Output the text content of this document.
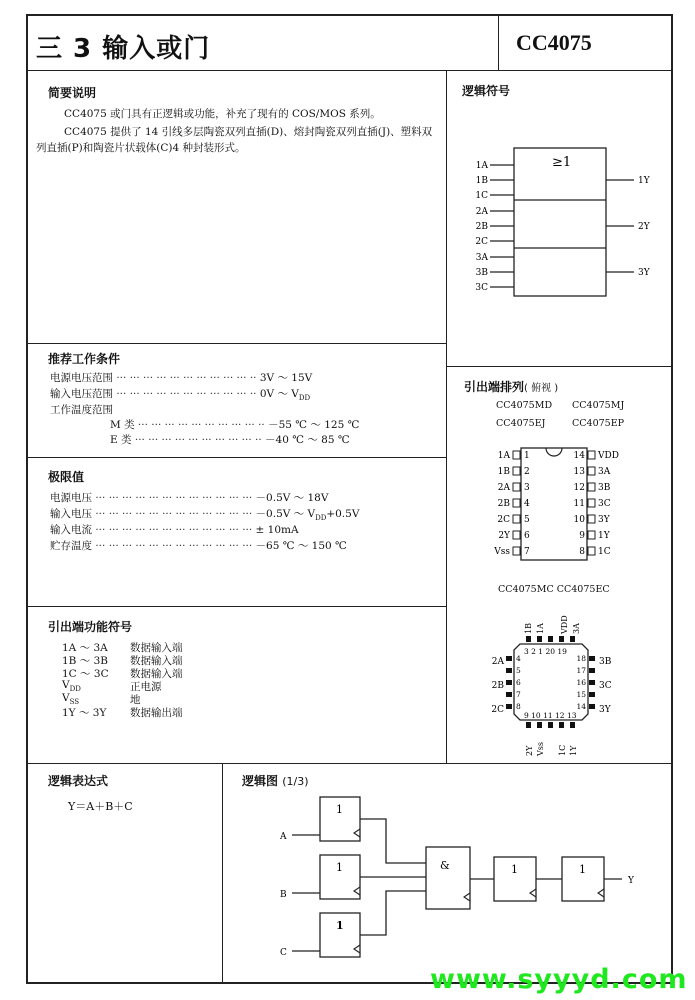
三 3 输入或门	CC4075
简要说明
CC4075 或门具有正逻辑或功能，补充了现有的 COS/MOS 系列。
CC4075 提供了 14 引线多层陶瓷双列直插(D)、熔封陶瓷双列直插(J)、塑料双列直插(P)和陶瓷片状载体(C)4 种封装形式。
逻辑符号
≥1
1A
1B
1C
2A
2B
2C
3A
3B
3C
1Y
2Y
3Y
推荐工作条件
电源电压范围 ··· ··· ··· ··· ··· ··· ··· ··· ··· ··· ·· 3V ～ 15V
输入电压范围 ··· ··· ··· ··· ··· ··· ··· ··· ··· ··· ·· 0V ～ $V_{DD}$
工作温度范围
M 类 ··· ··· ··· ··· ··· ··· ··· ··· ··· ·· －55 ℃ ～ 125 ℃
E 类 ··· ··· ··· ··· ··· ··· ··· ··· ··· ·· －40 ℃ ～ 85 ℃
极限值
电源电压 ··· ··· ··· ··· ··· ··· ··· ··· ··· ··· ··· ··· －0.5V ～ 18V
输入电压 ··· ··· ··· ··· ··· ··· ··· ··· ··· ··· ··· ··· －0.5V ～ $V_{DD}+0.5V$
输入电流 ··· ··· ··· ··· ··· ··· ··· ··· ··· ··· ··· ··· ± 10mA
贮存温度 ··· ··· ··· ··· ··· ··· ··· ··· ··· ··· ··· ··· －65 ℃ ～ 150 ℃
引出端功能符号
1A ～ 3A 数据输入端
1B ～ 3B 数据输入端
1C ～ 3C 数据输入端
$V_{DD}$	正电源
$V_{SS}$	地
1Y ～ 3Y 数据输出端
引出端排列( 俯视 )
CC4075MD CC4075MJ
CC4075EJ	CC4075EP
1A 1
1B 2
2A 3
2B 4
2C 5
2Y 6
Vss 7
14 VDD
13 3A
12 3B
11 3C
10 3Y
9 1Y
8 1C
CC4075MC CC4075EC
1B 1A VDD 3A
3 2 1 20 19
9 10 11 12 13
4
5
6
7
8
18
17
16
15
14
2A
2B
2C
3B
3C
3Y
2Y Vss 1C 1Y
逻辑表达式
Y＝A＋B＋C
逻辑图 (1/3)
1
1
1
&	1	1
A
B
C
Y
www.syyyd.com
